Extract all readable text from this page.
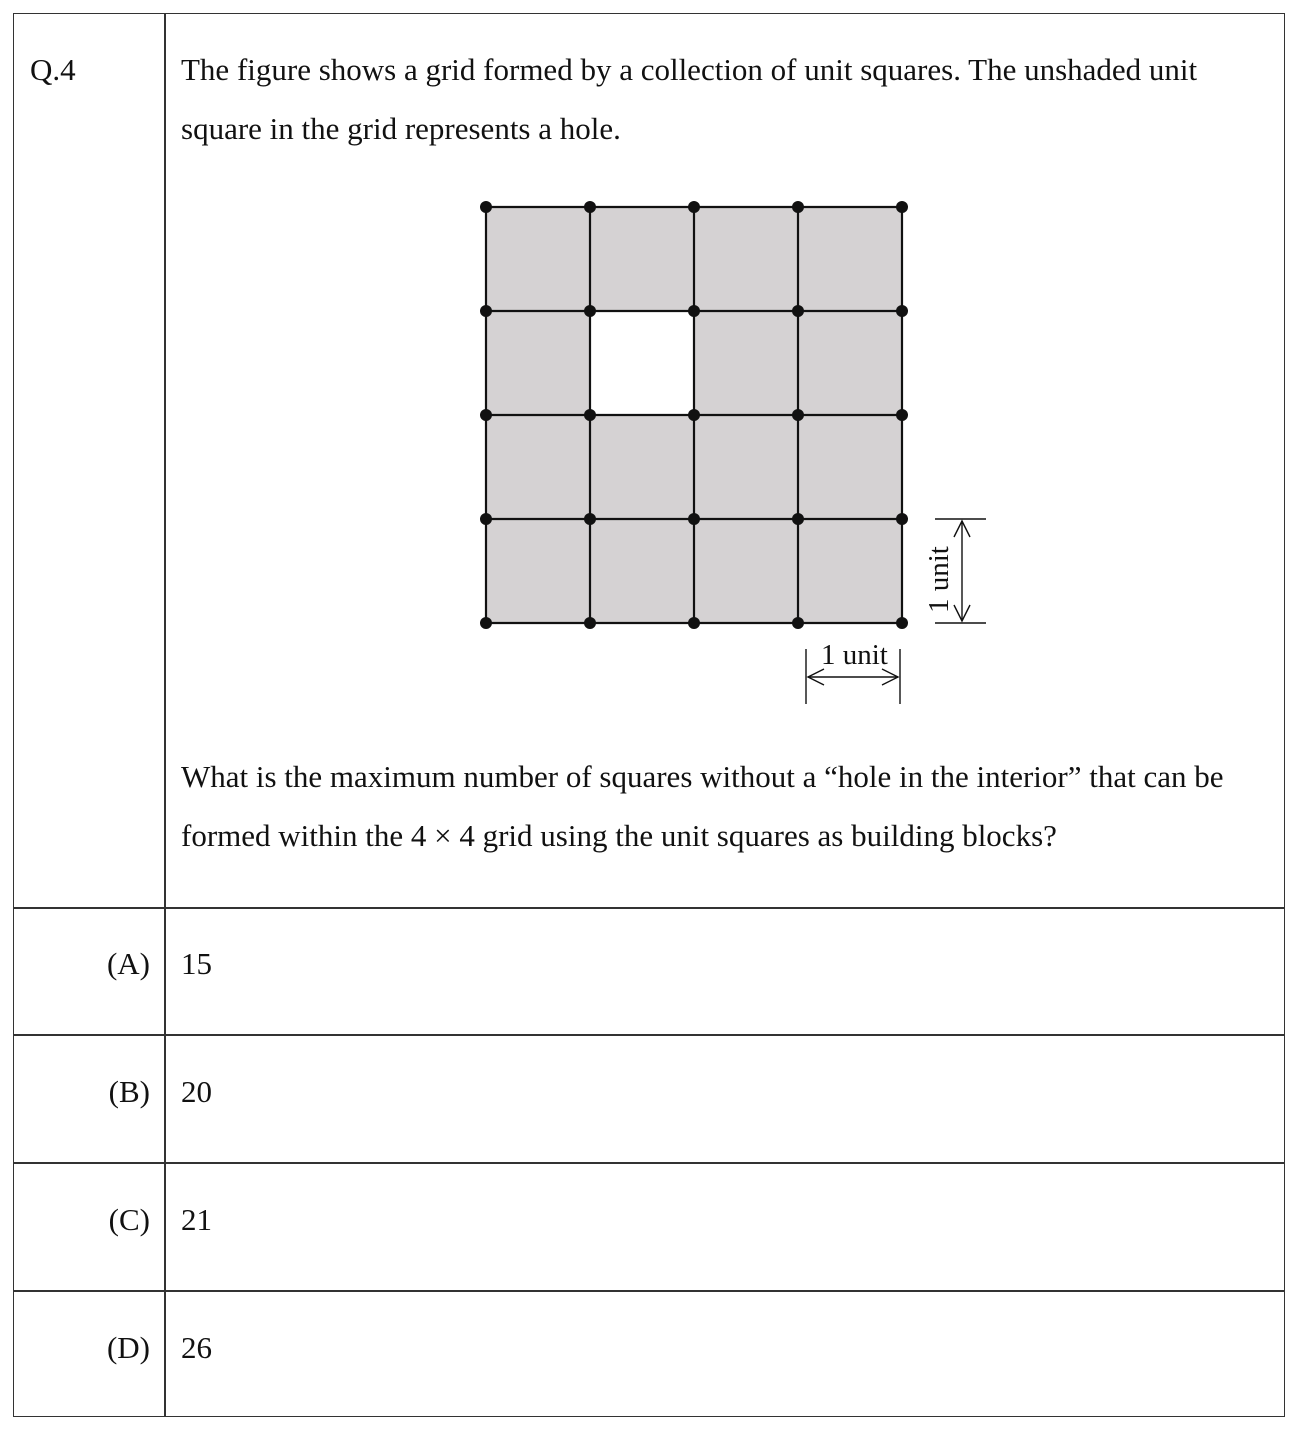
Q.4	The figure shows a grid formed by a collection of unit squares. The unshaded unit square in the grid represents a hole.
1 unit
1 unit
What is the maximum number of squares without a “hole in the interior” that can be formed within the 4 × 4 grid using the unit squares as building blocks?
(A) 15
(B) 20
(C) 21
(D) 26
